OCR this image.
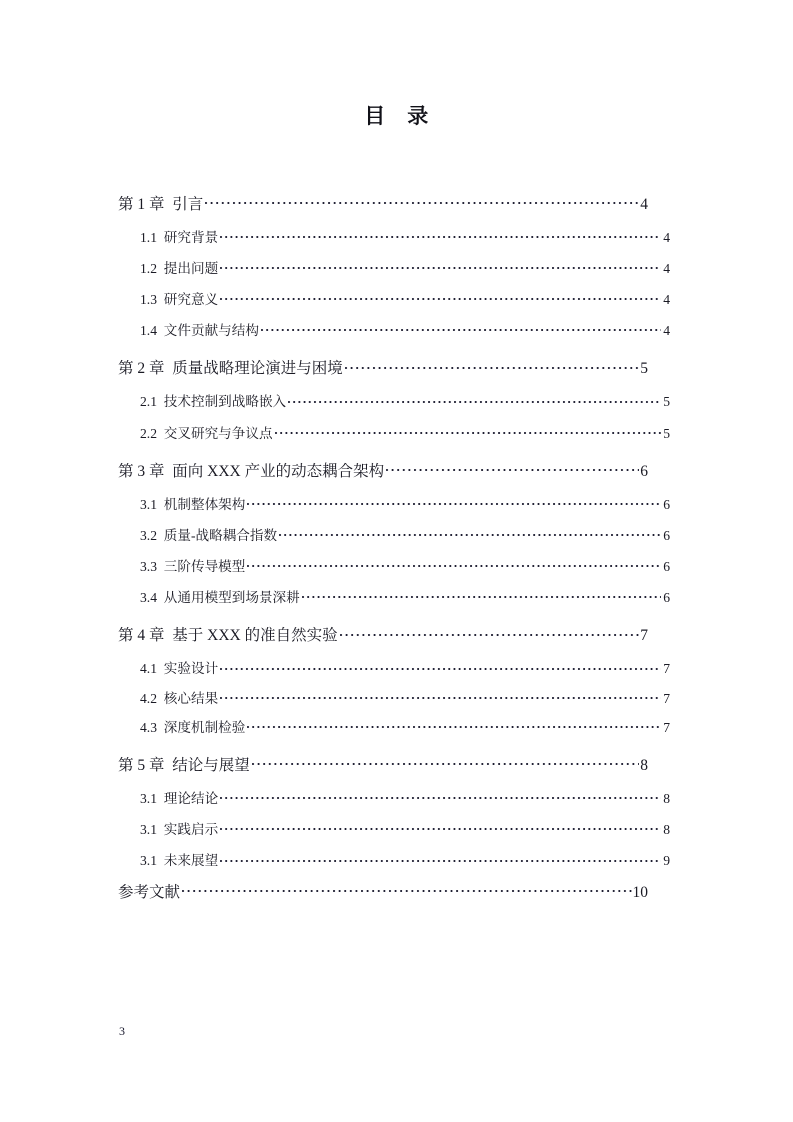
目　录
第 1 章  引言	4
1.1  研究背景	4
1.2  提出问题	4
1.3  研究意义	4
1.4  文件贡献与结构	4
第 2 章  质量战略理论演进与困境	5
2.1  技术控制到战略嵌入	5
2.2  交叉研究与争议点	5
第 3 章  面向 XXX 产业的动态耦合架构	6
3.1  机制整体架构	6
3.2  质量-战略耦合指数	6
3.3  三阶传导模型	6
3.4  从通用模型到场景深耕	6
第 4 章  基于 XXX 的准自然实验	7
4.1  实验设计	7
4.2  核心结果	7
4.3  深度机制检验	7
第 5 章  结论与展望	8
3.1  理论结论	8
3.1  实践启示	8
3.1  未来展望	9
参考文献	10
3
